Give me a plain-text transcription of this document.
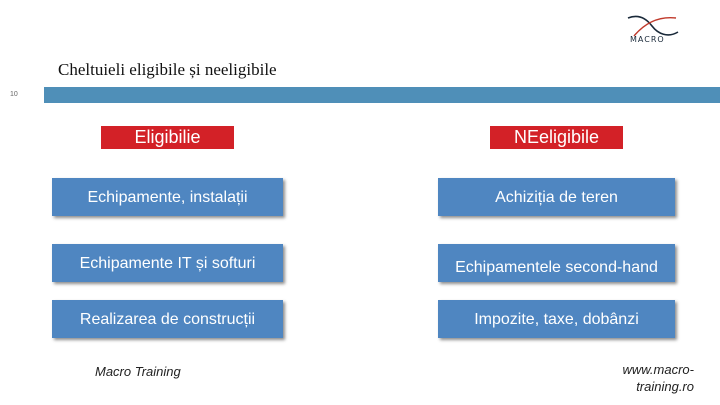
MACRO
Cheltuieli eligibile și neeligibile
10
Eligibilie	NEeligibile
Echipamente, instalații
Echipamente IT și softuri
Realizarea de construcții
Achiziția de teren
Echipamentele second-hand
Impozite, taxe, dobânzi
Macro Training	www.macro-training.ro
